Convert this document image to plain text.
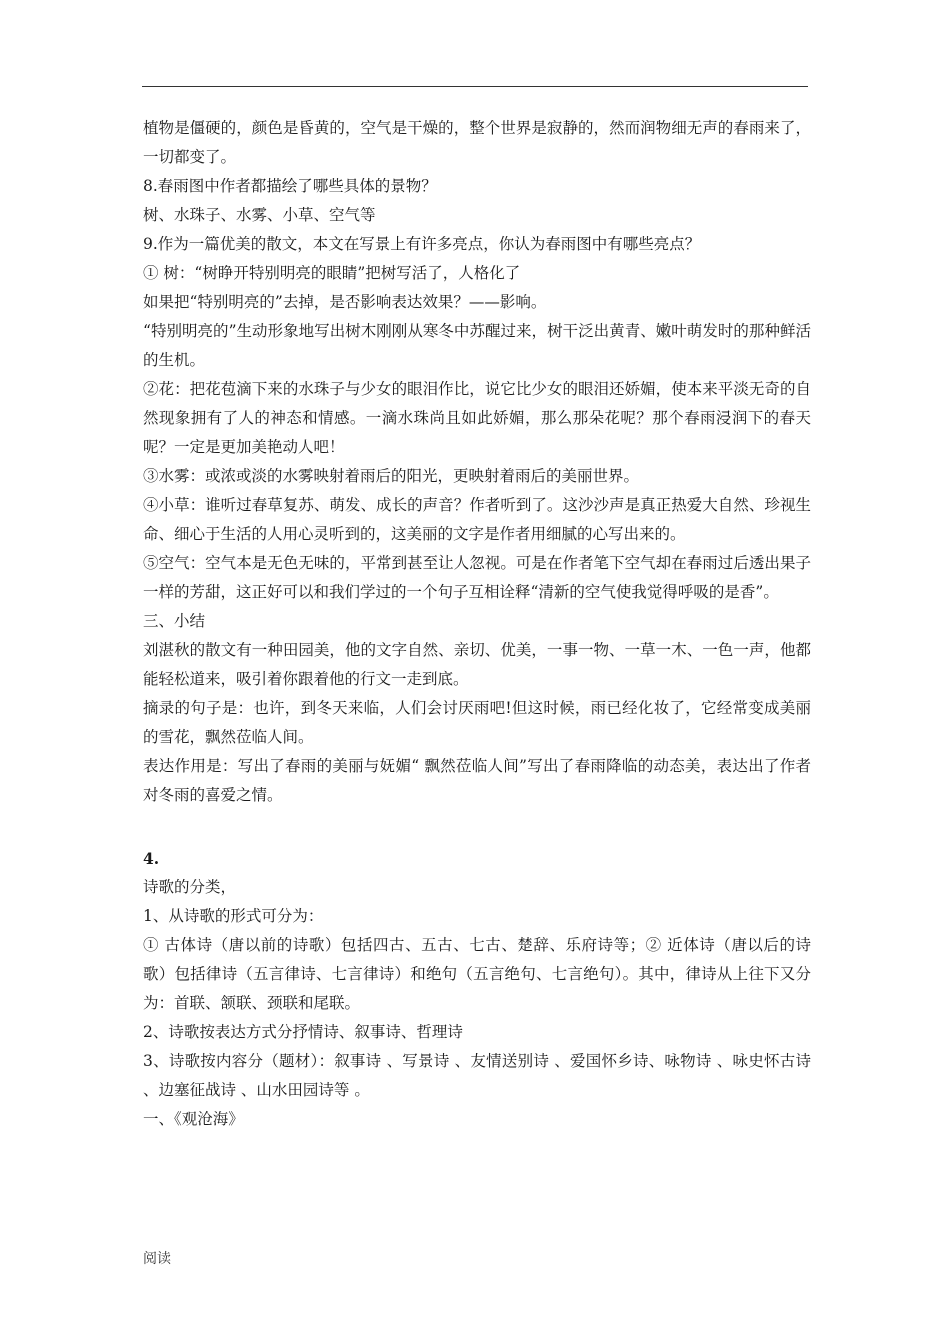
植物是僵硬的，颜色是昏黄的，空气是干燥的，整个世界是寂静的，然而润物细无声的春雨来了，一切都变了。

8.春雨图中作者都描绘了哪些具体的景物？

树、水珠子、水雾、小草、空气等

9.作为一篇优美的散文，本文在写景上有许多亮点，你认为春雨图中有哪些亮点？

① 树：“树睁开特别明亮的眼睛”把树写活了，人格化了

如果把“特别明亮的”去掉，是否影响表达效果？——影响。

“特别明亮的”生动形象地写出树木刚刚从寒冬中苏醒过来，树干泛出黄青、嫩叶萌发时的那种鲜活的生机。

②花：把花苞滴下来的水珠子与少女的眼泪作比，说它比少女的眼泪还娇媚，使本来平淡无奇的自然现象拥有了人的神态和情感。一滴水珠尚且如此娇媚，那么那朵花呢？那个春雨浸润下的春天呢？一定是更加美艳动人吧！

③水雾：或浓或淡的水雾映射着雨后的阳光，更映射着雨后的美丽世界。

④小草：谁听过春草复苏、萌发、成长的声音？作者听到了。这沙沙声是真正热爱大自然、珍视生命、细心于生活的人用心灵听到的，这美丽的文字是作者用细腻的心写出来的。

⑤空气：空气本是无色无味的，平常到甚至让人忽视。可是在作者笔下空气却在春雨过后透出果子一样的芳甜，这正好可以和我们学过的一个句子互相诠释“清新的空气使我觉得呼吸的是香”。

三、小结

刘湛秋的散文有一种田园美，他的文字自然、亲切、优美，一事一物、一草一木、一色一声，他都能轻松道来，吸引着你跟着他的行文一走到底。

摘录的句子是：也许，到冬天来临，人们会讨厌雨吧!但这时候，雨已经化妆了，它经常变成美丽的雪花，飘然莅临人间。

表达作用是：写出了春雨的美丽与妩媚“ 飘然莅临人间”写出了春雨降临的动态美，表达出了作者对冬雨的喜爱之情。

4.

诗歌的分类，

1、从诗歌的形式可分为：

① 古体诗（唐以前的诗歌）包括四古、五古、七古、楚辞、乐府诗等；② 近体诗（唐以后的诗歌）包括律诗（五言律诗、七言律诗）和绝句（五言绝句、七言绝句）。其中，律诗从上往下又分为：首联、颔联、颈联和尾联。

2、诗歌按表达方式分抒情诗、叙事诗、哲理诗

3、诗歌按内容分（题材）：叙事诗 、写景诗 、友情送别诗 、爱国怀乡诗、咏物诗 、咏史怀古诗 、边塞征战诗 、山水田园诗等 。

一、《观沧海》

阅读
